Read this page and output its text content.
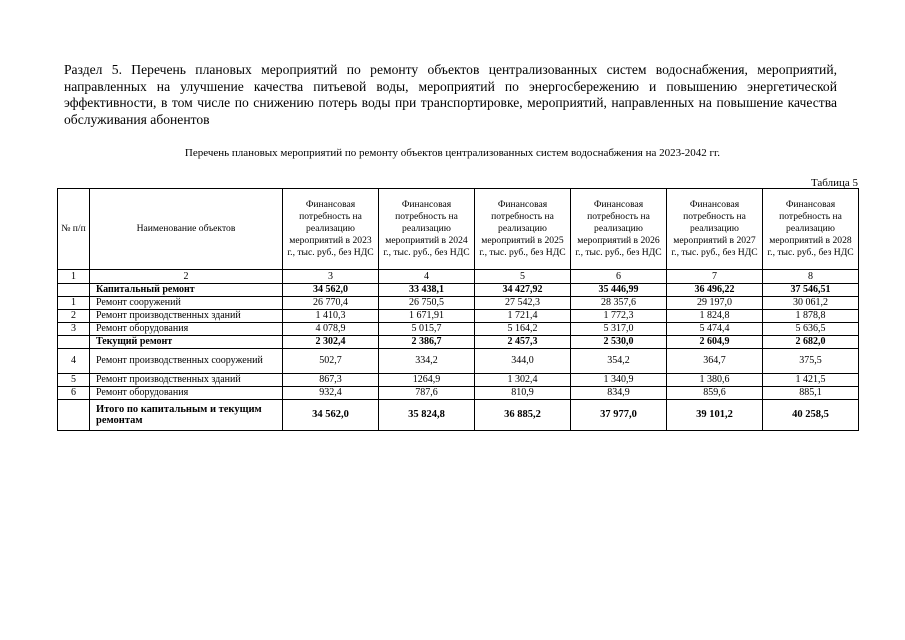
Раздел 5. Перечень плановых мероприятий по ремонту объектов централизованных систем водоснабжения, мероприятий, направленных на улучшение качества питьевой воды, мероприятий по энергосбережению и повышению энергетической эффективности, в том числе по снижению потерь воды при транспортировке, мероприятий, направленных на повышение качества обслуживания абонентов

Перечень плановых мероприятий по ремонту объектов централизованных систем водоснабжения на 2023-2042 гг.

Таблица 5

№ п/п	Наименование объектов	Финансовая потребность на реализацию мероприятий в 2023 г., тыс. руб., без НДС	Финансовая потребность на реализацию мероприятий в 2024 г., тыс. руб., без НДС	Финансовая потребность на реализацию мероприятий в 2025 г., тыс. руб., без НДС	Финансовая потребность на реализацию мероприятий в 2026 г., тыс. руб., без НДС	Финансовая потребность на реализацию мероприятий в 2027 г., тыс. руб., без НДС	Финансовая потребность на реализацию мероприятий в 2028 г., тыс. руб., без НДС
1	2	3	4	5	6	7	8
	Капитальный ремонт	34 562,0	33 438,1	34 427,92	35 446,99	36 496,22	37 546,51
1	Ремонт сооружений	26 770,4	26 750,5	27 542,3	28 357,6	29 197,0	30 061,2
2	Ремонт производственных зданий	1 410,3	1 671,91	1 721,4	1 772,3	1 824,8	1 878,8
3	Ремонт оборудования	4 078,9	5 015,7	5 164,2	5 317,0	5 474,4	5 636,5
	Текущий ремонт	2 302,4	2 386,7	2 457,3	2 530,0	2 604,9	2 682,0
4	Ремонт производственных сооружений	502,7	334,2	344,0	354,2	364,7	375,5
5	Ремонт производственных зданий	867,3	1264,9	1 302,4	1 340,9	1 380,6	1 421,5
6	Ремонт оборудования	932,4	787,6	810,9	834,9	859,6	885,1
	Итого по капитальным и текущим ремонтам	34 562,0	35 824,8	36 885,2	37 977,0	39 101,2	40 258,5
